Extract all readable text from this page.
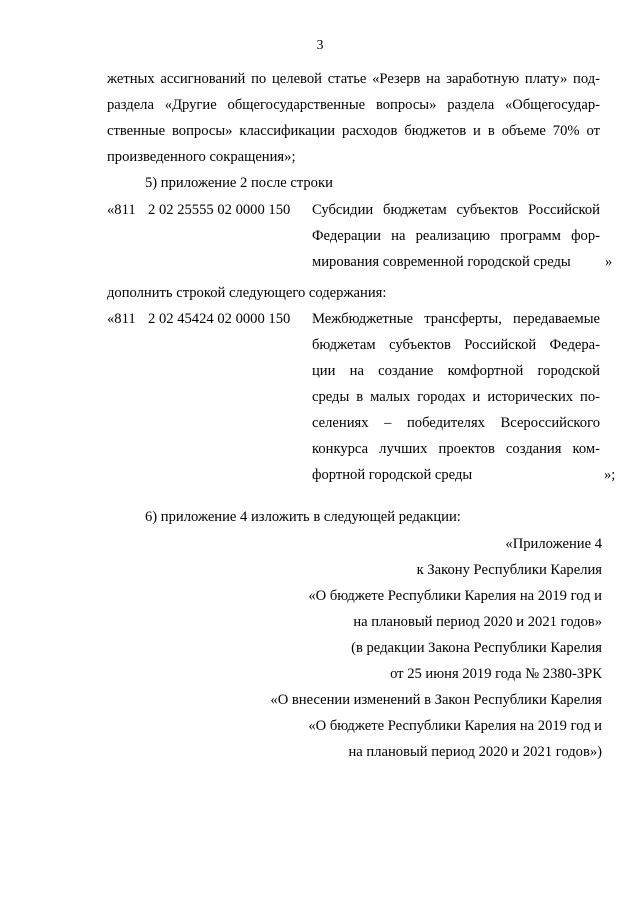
3
жетных ассигнований по целевой статье «Резерв на заработную плату» под-
раздела «Другие общегосударственные вопросы» раздела «Общегосудар-
ственные вопросы» классификации расходов бюджетов и в объеме 70% от
произведенного сокращения»;
5) приложение 2 после строки
«811 2 02 25555 02 0000 150 Субсидии бюджетам субъектов Российской
Федерации на реализацию программ фор-
мирования современной городской среды »
дополнить строкой следующего содержания:
«811 2 02 45424 02 0000 150 Межбюджетные трансферты, передаваемые
бюджетам субъектов Российской Федера-
ции на создание комфортной городской
среды в малых городах и исторических по-
селениях – победителях Всероссийского
конкурса лучших проектов создания ком-
фортной городской среды	»;
6) приложение 4 изложить в следующей редакции:
«Приложение 4
к Закону Республики Карелия
«О бюджете Республики Карелия на 2019 год и
на плановый период 2020 и 2021 годов»
(в редакции Закона Республики Карелия
от 25 июня 2019 года № 2380-ЗРК
«О внесении изменений в Закон Республики Карелия
«О бюджете Республики Карелия на 2019 год и
на плановый период 2020 и 2021 годов»)
